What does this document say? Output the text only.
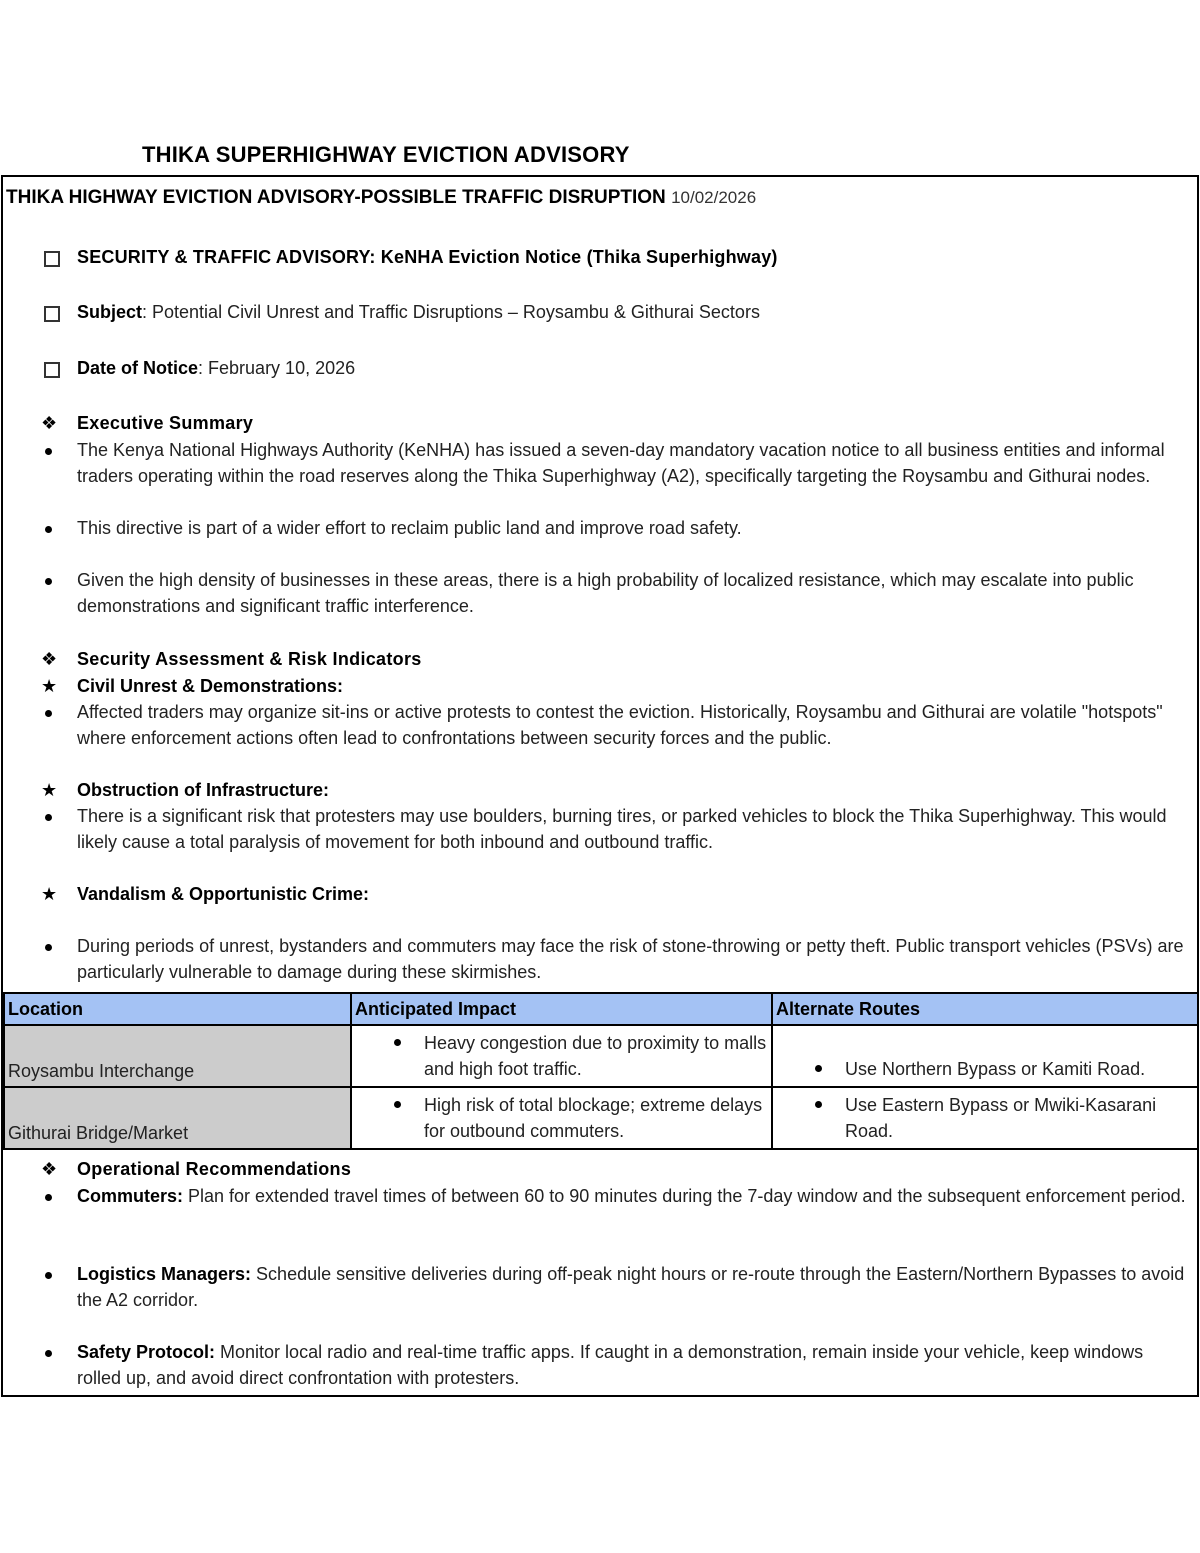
THIKA SUPERHIGHWAY EVICTION ADVISORY
THIKA HIGHWAY EVICTION ADVISORY-POSSIBLE TRAFFIC DISRUPTION 10/02/2026
SECURITY & TRAFFIC ADVISORY: KeNHA Eviction Notice (Thika Superhighway)
Subject: Potential Civil Unrest and Traffic Disruptions – Roysambu & Githurai Sectors
Date of Notice: February 10, 2026
❖ Executive Summary
The Kenya National Highways Authority (KeNHA) has issued a seven-day mandatory vacation notice to all business entities and informal traders operating within the road reserves along the Thika Superhighway (A2), specifically targeting the Roysambu and Githurai nodes.
This directive is part of a wider effort to reclaim public land and improve road safety.
Given the high density of businesses in these areas, there is a high probability of localized resistance, which may escalate into public demonstrations and significant traffic interference.
❖ Security Assessment & Risk Indicators
★ Civil Unrest & Demonstrations:
Affected traders may organize sit-ins or active protests to contest the eviction. Historically, Roysambu and Githurai are volatile "hotspots" where enforcement actions often lead to confrontations between security forces and the public.
★ Obstruction of Infrastructure:
There is a significant risk that protesters may use boulders, burning tires, or parked vehicles to block the Thika Superhighway. This would likely cause a total paralysis of movement for both inbound and outbound traffic.
★ Vandalism & Opportunistic Crime:
During periods of unrest, bystanders and commuters may face the risk of stone-throwing or petty theft. Public transport vehicles (PSVs) are particularly vulnerable to damage during these skirmishes.
Location	Anticipated Impact	Alternate Routes
Roysambu Interchange	Heavy congestion due to proximity to malls and high foot traffic.	Use Northern Bypass or Kamiti Road.

Githurai Bridge/Market	High risk of total blockage; extreme delays for outbound commuters.	Use Eastern Bypass or Mwiki-Kasarani Road.
❖ Operational Recommendations
Commuters: Plan for extended travel times of between 60 to 90 minutes during the 7-day window and the subsequent enforcement period.
Logistics Managers: Schedule sensitive deliveries during off-peak night hours or re-route through the Eastern/Northern Bypasses to avoid the A2 corridor.
Safety Protocol: Monitor local radio and real-time traffic apps. If caught in a demonstration, remain inside your vehicle, keep windows rolled up, and avoid direct confrontation with protesters.
